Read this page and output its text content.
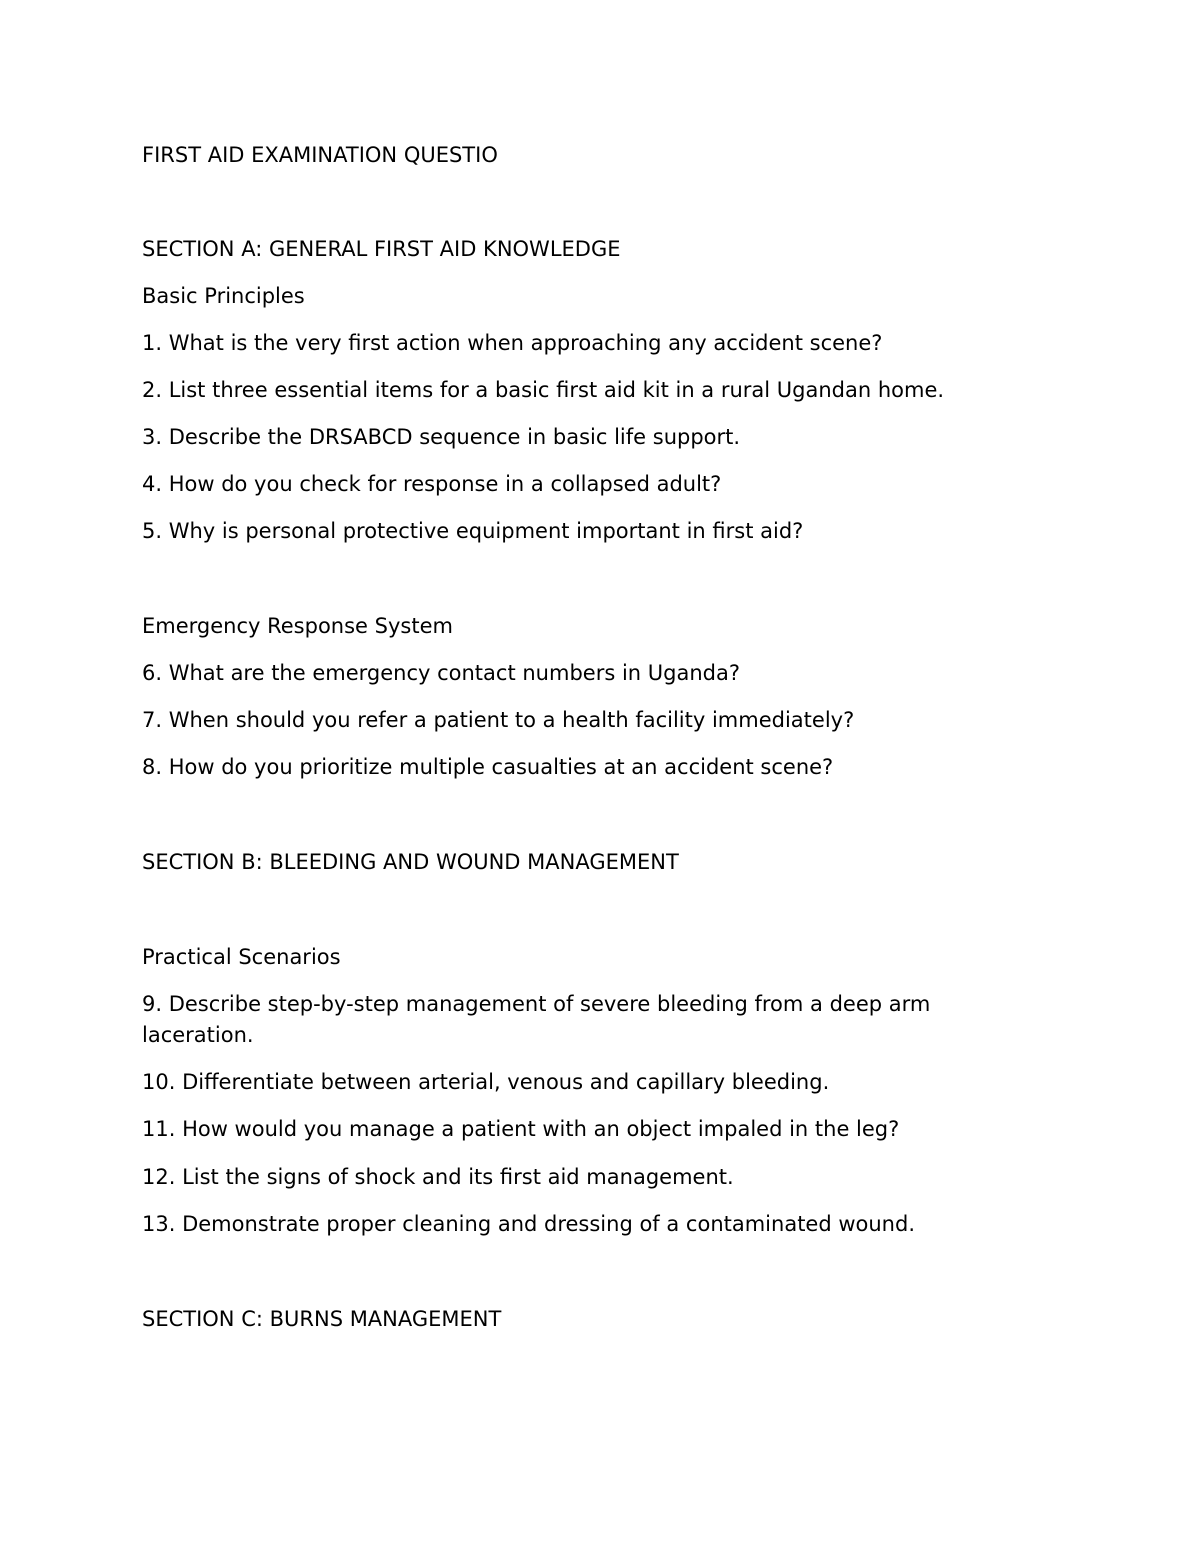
FIRST AID EXAMINATION QUESTIO
SECTION A: GENERAL FIRST AID KNOWLEDGE
Basic Principles
1. What is the very first action when approaching any accident scene?
2. List three essential items for a basic first aid kit in a rural Ugandan home.
3. Describe the DRSABCD sequence in basic life support.
4. How do you check for response in a collapsed adult?
5. Why is personal protective equipment important in first aid?
Emergency Response System
6. What are the emergency contact numbers in Uganda?
7. When should you refer a patient to a health facility immediately?
8. How do you prioritize multiple casualties at an accident scene?
SECTION B: BLEEDING AND WOUND MANAGEMENT
Practical Scenarios
9. Describe step-by-step management of severe bleeding from a deep arm laceration.
10. Differentiate between arterial, venous and capillary bleeding.
11. How would you manage a patient with an object impaled in the leg?
12. List the signs of shock and its first aid management.
13. Demonstrate proper cleaning and dressing of a contaminated wound.
SECTION C: BURNS MANAGEMENT
